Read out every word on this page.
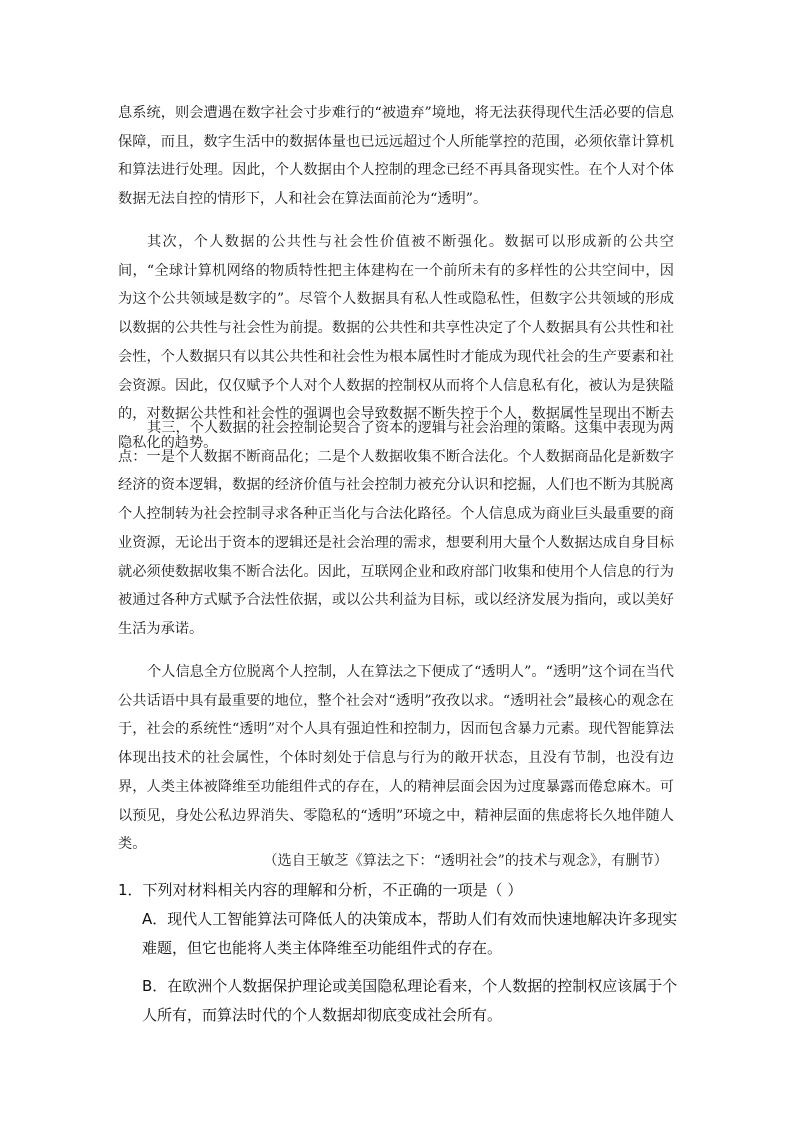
息系统，则会遭遇在数字社会寸步难行的“被遗弃”境地，将无法获得现代生活必要的信息保障，而且，数字生活中的数据体量也已远远超过个人所能掌控的范围，必须依靠计算机和算法进行处理。因此，个人数据由个人控制的理念已经不再具备现实性。在个人对个体数据无法自控的情形下，人和社会在算法面前沦为“透明”。

其次，个人数据的公共性与社会性价值被不断强化。数据可以形成新的公共空间，“全球计算机网络的物质特性把主体建构在一个前所未有的多样性的公共空间中，因为这个公共领域是数字的”。尽管个人数据具有私人性或隐私性，但数字公共领域的形成以数据的公共性与社会性为前提。数据的公共性和共享性决定了个人数据具有公共性和社会性，个人数据只有以其公共性和社会性为根本属性时才能成为现代社会的生产要素和社会资源。因此，仅仅赋予个人对个人数据的控制权从而将个人信息私有化，被认为是狭隘的，对数据公共性和社会性的强调也会导致数据不断失控于个人，数据属性呈现出不断去隐私化的趋势。

其三，个人数据的社会控制论契合了资本的逻辑与社会治理的策略。这集中表现为两点：一是个人数据不断商品化；二是个人数据收集不断合法化。个人数据商品化是新数字经济的资本逻辑，数据的经济价值与社会控制力被充分认识和挖掘，人们也不断为其脱离个人控制转为社会控制寻求各种正当化与合法化路径。个人信息成为商业巨头最重要的商业资源，无论出于资本的逻辑还是社会治理的需求，想要利用大量个人数据达成自身目标就必须使数据收集不断合法化。因此，互联网企业和政府部门收集和使用个人信息的行为被通过各种方式赋予合法性依据，或以公共利益为目标，或以经济发展为指向，或以美好生活为承诺。

个人信息全方位脱离个人控制，人在算法之下便成了“透明人”。“透明”这个词在当代公共话语中具有最重要的地位，整个社会对“透明”孜孜以求。“透明社会”最核心的观念在于，社会的系统性“透明”对个人具有强迫性和控制力，因而包含暴力元素。现代智能算法体现出技术的社会属性，个体时刻处于信息与行为的敞开状态，且没有节制，也没有边界，人类主体被降维至功能组件式的存在，人的精神层面会因为过度暴露而倦怠麻木。可以预见，身处公私边界消失、零隐私的“透明”环境之中，精神层面的焦虑将长久地伴随人类。

（选自王敏芝《算法之下：“透明社会”的技术与观念》，有删节）

1．下列对材料相关内容的理解和分析，不正确的一项是（ ）

A．现代人工智能算法可降低人的决策成本，帮助人们有效而快速地解决许多现实难题，但它也能将人类主体降维至功能组件式的存在。

B．在欧洲个人数据保护理论或美国隐私理论看来，个人数据的控制权应该属于个人所有，而算法时代的个人数据却彻底变成社会所有。
